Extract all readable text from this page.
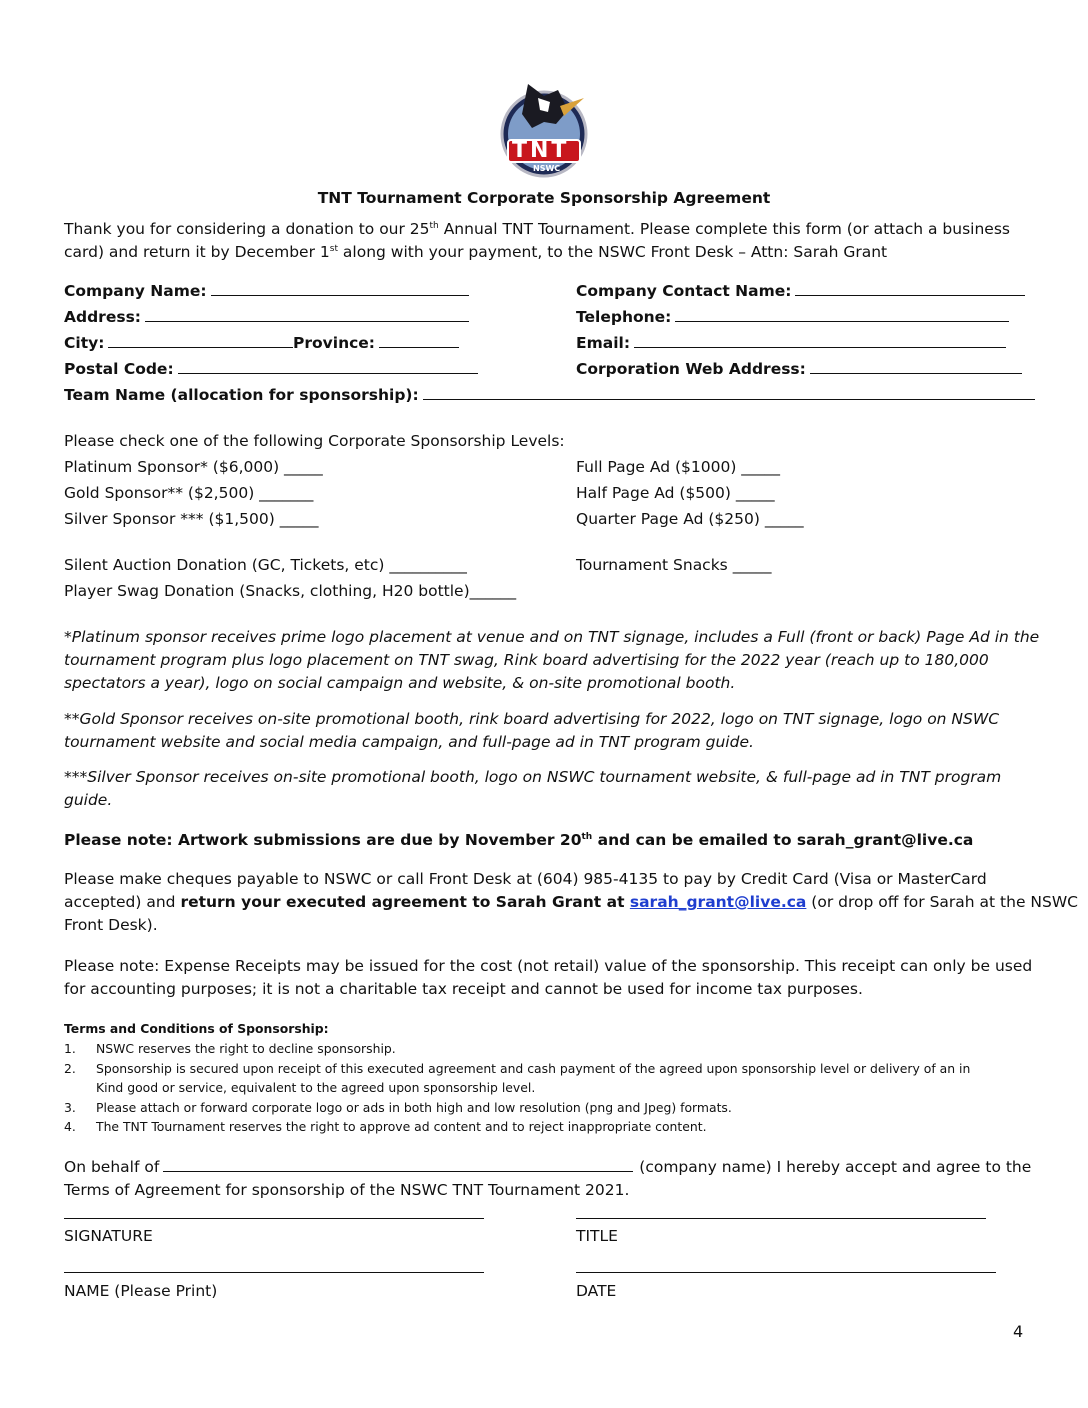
TNT
NSWC
TNT Tournament Corporate Sponsorship Agreement
Thank you for considering a donation to our 25th Annual TNT Tournament. Please complete this form (or attach a business
card) and return it by December 1st along with your payment, to the NSWC Front Desk – Attn: Sarah Grant
Company Name:
Address:
City:	Province:
Postal Code:
Team Name (allocation for sponsorship):
Company Contact Name:
Telephone:
Email:
Corporation Web Address:
Please check one of the following Corporate Sponsorship Levels:
Platinum Sponsor* ($6,000) _____
Gold Sponsor** ($2,500) _______
Silver Sponsor *** ($1,500) _____
Full Page Ad ($1000) _____
Half Page Ad ($500) _____
Quarter Page Ad ($250) _____
Silent Auction Donation (GC, Tickets, etc) __________
Player Swag Donation (Snacks, clothing, H20 bottle)______
Tournament Snacks _____
*Platinum sponsor receives prime logo placement at venue and on TNT signage, includes a Full (front or back) Page Ad in the
tournament program plus logo placement on TNT swag, Rink board advertising for the 2022 year (reach up to 180,000
spectators a year), logo on social campaign and website, & on-site promotional booth.
**Gold Sponsor receives on-site promotional booth, rink board advertising for 2022, logo on TNT signage, logo on NSWC
tournament website and social media campaign, and full-page ad in TNT program guide.
***Silver Sponsor receives on-site promotional booth, logo on NSWC tournament website, & full-page ad in TNT program
guide.
Please note: Artwork submissions are due by November 20th and can be emailed to sarah_grant@live.ca
Please make cheques payable to NSWC or call Front Desk at (604) 985-4135 to pay by Credit Card (Visa or MasterCard
accepted) and return your executed agreement to Sarah Grant at sarah_grant@live.ca (or drop off for Sarah at the NSWC
Front Desk).
Please note: Expense Receipts may be issued for the cost (not retail) value of the sponsorship. This receipt can only be used
for accounting purposes; it is not a charitable tax receipt and cannot be used for income tax purposes.
Terms and Conditions of Sponsorship:
1. NSWC reserves the right to decline sponsorship.
2. Sponsorship is secured upon receipt of this executed agreement and cash payment of the agreed upon sponsorship level or delivery of an in
Kind good or service, equivalent to the agreed upon sponsorship level.
3. Please attach or forward corporate logo or ads in both high and low resolution (png and Jpeg) formats.
4. The TNT Tournament reserves the right to approve ad content and to reject inappropriate content.
On behalf of	(company name) I hereby accept and agree to the
Terms of Agreement for sponsorship of the NSWC TNT Tournament 2021.
SIGNATURE	TITLE
NAME (Please Print)	DATE
4
